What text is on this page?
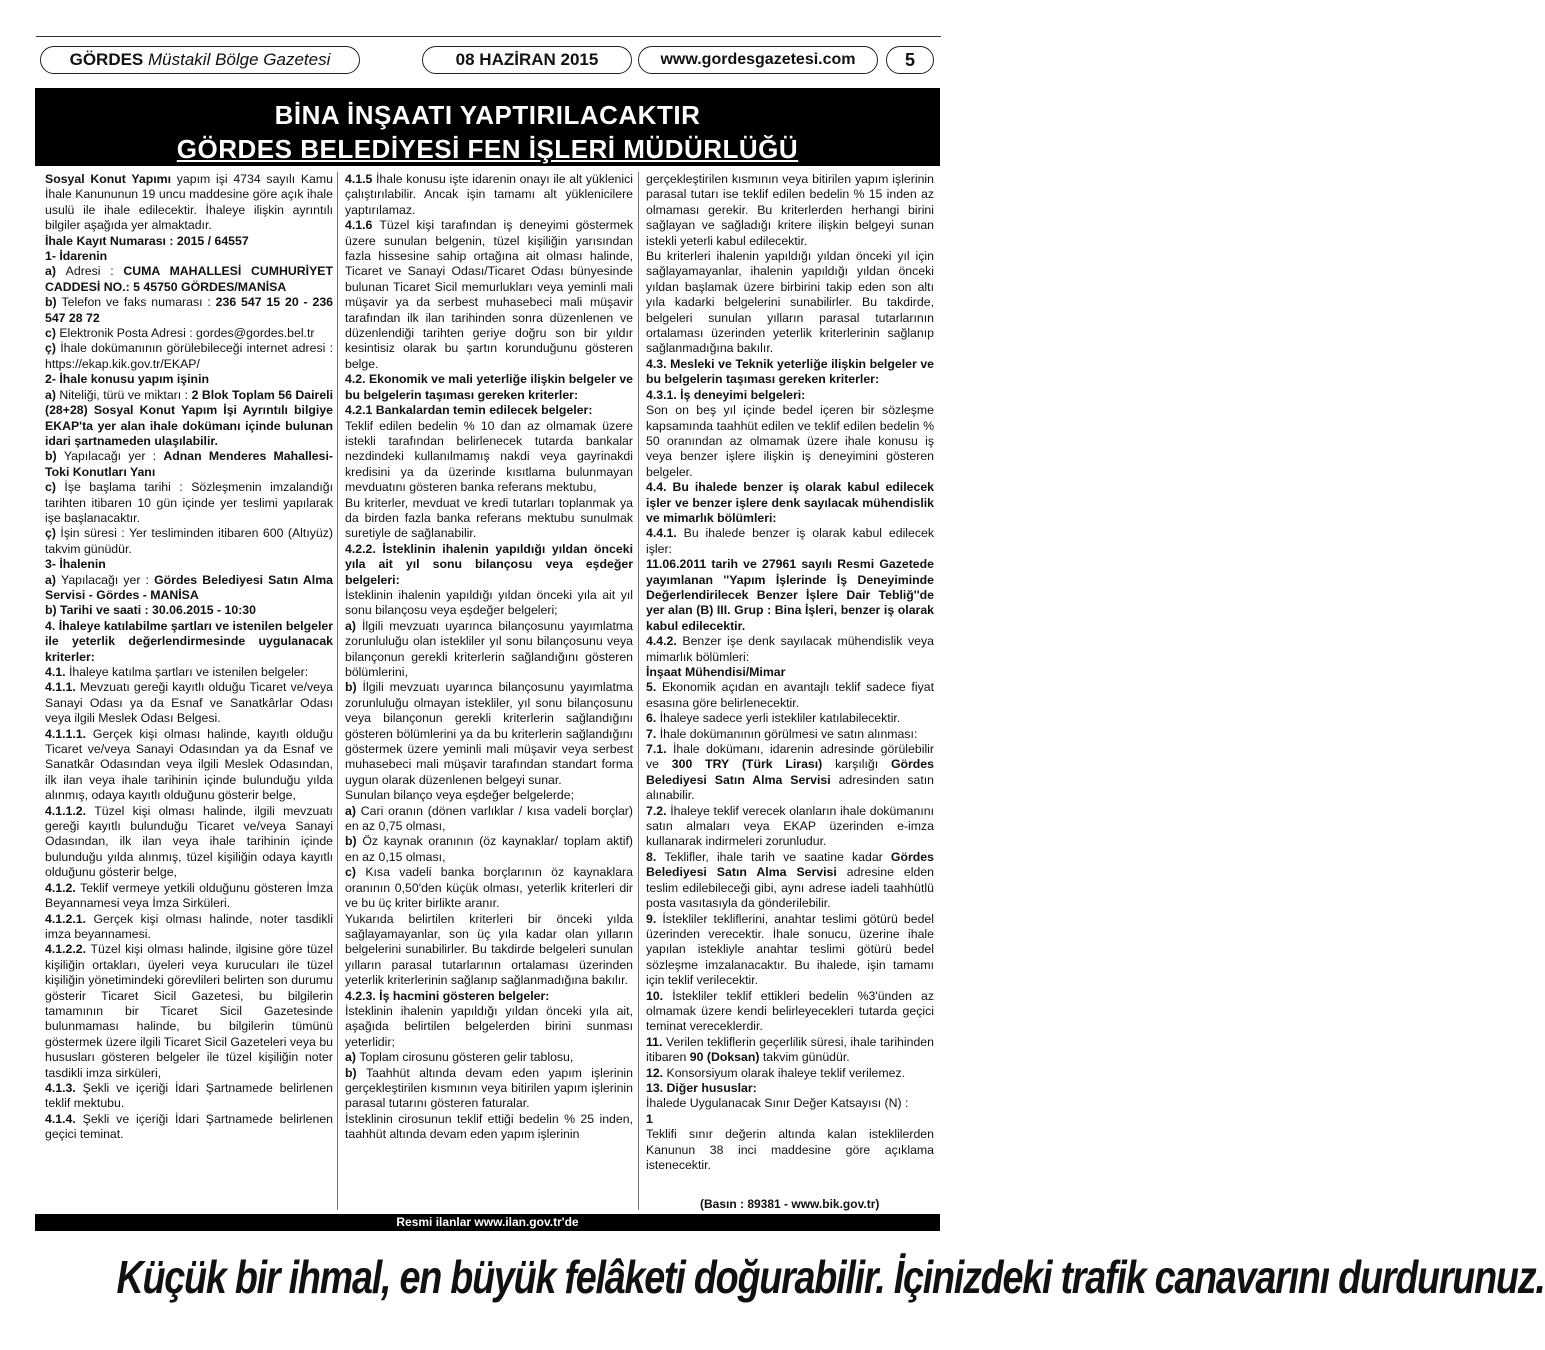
GÖRDES Müstakil Bölge Gazetesi	08 HAZİRAN 2015	www.gordesgazetesi.com	5
BİNA İNŞAATI YAPTIRILACAKTIR
GÖRDES BELEDİYESİ FEN İŞLERİ MÜDÜRLÜĞÜ

Sosyal Konut Yapımı yapım işi 4734 sayılı Kamu İhale Kanununun 19 uncu maddesine göre açık ihale usulü ile ihale edilecektir. İhaleye ilişkin ayrıntılı bilgiler aşağıda yer almaktadır.

İhale Kayıt Numarası : 2015 / 64557

1- İdarenin

a) Adresi : CUMA MAHALLESİ CUMHURİYET CADDESİ NO.: 5 45750 GÖRDES/MANİSA

b) Telefon ve faks numarası : 236 547 15 20 - 236 547 28 72

c) Elektronik Posta Adresi : gordes@gordes.bel.tr

ç) İhale dokümanının görülebileceği internet adresi : https://ekap.kik.gov.tr/EKAP/

2- İhale konusu yapım işinin

a) Niteliği, türü ve miktarı : 2 Blok Toplam 56 Daireli (28+28) Sosyal Konut Yapım İşi Ayrıntılı bilgiye EKAP'ta yer alan ihale dokümanı içinde bulunan idari şartnameden ulaşılabilir.

b) Yapılacağı yer : Adnan Menderes Mahallesi-Toki Konutları Yanı

c) İşe başlama tarihi : Sözleşmenin imzalandığı tarihten itibaren 10 gün içinde yer teslimi yapılarak işe başlanacaktır.

ç) İşin süresi : Yer tesliminden itibaren 600 (Altıyüz) takvim günüdür.

3- İhalenin

a) Yapılacağı yer : Gördes Belediyesi Satın Alma Servisi - Gördes - MANİSA

b) Tarihi ve saati : 30.06.2015 - 10:30

4. İhaleye katılabilme şartları ve istenilen belgeler ile yeterlik değerlendirmesinde uygulanacak kriterler:

4.1. İhaleye katılma şartları ve istenilen belgeler:

4.1.1. Mevzuatı gereği kayıtlı olduğu Ticaret ve/veya Sanayi Odası ya da Esnaf ve Sanatkârlar Odası veya ilgili Meslek Odası Belgesi.

4.1.1.1. Gerçek kişi olması halinde, kayıtlı olduğu Ticaret ve/veya Sanayi Odasından ya da Esnaf ve Sanatkâr Odasından veya ilgili Meslek Odasından, ilk ilan veya ihale tarihinin içinde bulunduğu yılda alınmış, odaya kayıtlı olduğunu gösterir belge,

4.1.1.2. Tüzel kişi olması halinde, ilgili mevzuatı gereği kayıtlı bulunduğu Ticaret ve/veya Sanayi Odasından, ilk ilan veya ihale tarihinin içinde bulunduğu yılda alınmış, tüzel kişiliğin odaya kayıtlı olduğunu gösterir belge,

4.1.2. Teklif vermeye yetkili olduğunu gösteren İmza Beyannamesi veya İmza Sirküleri.

4.1.2.1. Gerçek kişi olması halinde, noter tasdikli imza beyannamesi.

4.1.2.2. Tüzel kişi olması halinde, ilgisine göre tüzel kişiliğin ortakları, üyeleri veya kurucuları ile tüzel kişiliğin yönetimindeki görevlileri belirten son durumu gösterir Ticaret Sicil Gazetesi, bu bilgilerin tamamının bir Ticaret Sicil Gazetesinde bulunmaması halinde, bu bilgilerin tümünü göstermek üzere ilgili Ticaret Sicil Gazeteleri veya bu hususları gösteren belgeler ile tüzel kişiliğin noter tasdikli imza sirküleri,

4.1.3. Şekli ve içeriği İdari Şartnamede belirlenen teklif mektubu.

4.1.4. Şekli ve içeriği İdari Şartnamede belirlenen geçici teminat.

4.1.5 İhale konusu işte idarenin onayı ile alt yüklenici çalıştırılabilir. Ancak işin tamamı alt yüklenicilere yaptırılamaz.

4.1.6 Tüzel kişi tarafından iş deneyimi göstermek üzere sunulan belgenin, tüzel kişiliğin yarısından fazla hissesine sahip ortağına ait olması halinde, Ticaret ve Sanayi Odası/Ticaret Odası bünyesinde bulunan Ticaret Sicil memurlukları veya yeminli mali müşavir ya da serbest muhasebeci mali müşavir tarafından ilk ilan tarihinden sonra düzenlenen ve düzenlendiği tarihten geriye doğru son bir yıldır kesintisiz olarak bu şartın korunduğunu gösteren belge.

4.2. Ekonomik ve mali yeterliğe ilişkin belgeler ve bu belgelerin taşıması gereken kriterler:

4.2.1 Bankalardan temin edilecek belgeler:

Teklif edilen bedelin % 10 dan az olmamak üzere istekli tarafından belirlenecek tutarda bankalar nezdindeki kullanılmamış nakdi veya gayrinakdi kredisini ya da üzerinde kısıtlama bulunmayan mevduatını gösteren banka referans mektubu,

Bu kriterler, mevduat ve kredi tutarları toplanmak ya da birden fazla banka referans mektubu sunulmak suretiyle de sağlanabilir.

4.2.2. İsteklinin ihalenin yapıldığı yıldan önceki yıla ait yıl sonu bilançosu veya eşdeğer belgeleri:

İsteklinin ihalenin yapıldığı yıldan önceki yıla ait yıl sonu bilançosu veya eşdeğer belgeleri;

a) İlgili mevzuatı uyarınca bilançosunu yayımlatma zorunluluğu olan istekliler yıl sonu bilançosunu veya bilançonun gerekli kriterlerin sağlandığını gösteren bölümlerini,

b) İlgili mevzuatı uyarınca bilançosunu yayımlatma zorunluluğu olmayan istekliler, yıl sonu bilançosunu veya bilançonun gerekli kriterlerin sağlandığını gösteren bölümlerini ya da bu kriterlerin sağlandığını göstermek üzere yeminli mali müşavir veya serbest muhasebeci mali müşavir tarafından standart forma uygun olarak düzenlenen belgeyi sunar.

Sunulan bilanço veya eşdeğer belgelerde;

a) Cari oranın (dönen varlıklar / kısa vadeli borçlar) en az 0,75 olması,

b) Öz kaynak oranının (öz kaynaklar/ toplam aktif) en az 0,15 olması,

c) Kısa vadeli banka borçlarının öz kaynaklara oranının 0,50'den küçük olması, yeterlik kriterleri dir ve bu üç kriter birlikte aranır.

Yukarıda belirtilen kriterleri bir önceki yılda sağlayamayanlar, son üç yıla kadar olan yılların belgelerini sunabilirler. Bu takdirde belgeleri sunulan yılların parasal tutarlarının ortalaması üzerinden yeterlik kriterlerinin sağlanıp sağlanmadığına bakılır.

4.2.3. İş hacmini gösteren belgeler:

İsteklinin ihalenin yapıldığı yıldan önceki yıla ait, aşağıda belirtilen belgelerden birini sunması yeterlidir;

a) Toplam cirosunu gösteren gelir tablosu,

b) Taahhüt altında devam eden yapım işlerinin gerçekleştirilen kısmının veya bitirilen yapım işlerinin parasal tutarını gösteren faturalar.

İsteklinin cirosunun teklif ettiği bedelin % 25 inden, taahhüt altında devam eden yapım işlerinin

gerçekleştirilen kısmının veya bitirilen yapım işlerinin parasal tutarı ise teklif edilen bedelin % 15 inden az olmaması gerekir. Bu kriterlerden herhangi birini sağlayan ve sağladığı kritere ilişkin belgeyi sunan istekli yeterli kabul edilecektir.

Bu kriterleri ihalenin yapıldığı yıldan önceki yıl için sağlayamayanlar, ihalenin yapıldığı yıldan önceki yıldan başlamak üzere birbirini takip eden son altı yıla kadarki belgelerini sunabilirler. Bu takdirde, belgeleri sunulan yılların parasal tutarlarının ortalaması üzerinden yeterlik kriterlerinin sağlanıp sağlanmadığına bakılır.

4.3. Mesleki ve Teknik yeterliğe ilişkin belgeler ve bu belgelerin taşıması gereken kriterler:

4.3.1. İş deneyimi belgeleri:

Son on beş yıl içinde bedel içeren bir sözleşme kapsamında taahhüt edilen ve teklif edilen bedelin % 50 oranından az olmamak üzere ihale konusu iş veya benzer işlere ilişkin iş deneyimini gösteren belgeler.

4.4. Bu ihalede benzer iş olarak kabul edilecek işler ve benzer işlere denk sayılacak mühendislik ve mimarlık bölümleri:

4.4.1. Bu ihalede benzer iş olarak kabul edilecek işler:

11.06.2011 tarih ve 27961 sayılı Resmi Gazetede yayımlanan ''Yapım İşlerinde İş Deneyiminde Değerlendirilecek Benzer İşlere Dair Tebliğ''de yer alan (B) III. Grup : Bina İşleri, benzer iş olarak kabul edilecektir.

4.4.2. Benzer işe denk sayılacak mühendislik veya mimarlık bölümleri:

İnşaat Mühendisi/Mimar

5. Ekonomik açıdan en avantajlı teklif sadece fiyat esasına göre belirlenecektir.

6. İhaleye sadece yerli istekliler katılabilecektir.

7. İhale dokümanının görülmesi ve satın alınması:

7.1. İhale dokümanı, idarenin adresinde görülebilir ve 300 TRY (Türk Lirası) karşılığı Gördes Belediyesi Satın Alma Servisi adresinden satın alınabilir.

7.2. İhaleye teklif verecek olanların ihale dokümanını satın almaları veya EKAP üzerinden e-imza kullanarak indirmeleri zorunludur.

8. Teklifler, ihale tarih ve saatine kadar Gördes Belediyesi Satın Alma Servisi adresine elden teslim edilebileceği gibi, aynı adrese iadeli taahhütlü posta vasıtasıyla da gönderilebilir.

9. İstekliler tekliflerini, anahtar teslimi götürü bedel üzerinden verecektir. İhale sonucu, üzerine ihale yapılan istekliyle anahtar teslimi götürü bedel sözleşme imzalanacaktır. Bu ihalede, işin tamamı için teklif verilecektir.

10. İstekliler teklif ettikleri bedelin %3'ünden az olmamak üzere kendi belirleyecekleri tutarda geçici teminat vereceklerdir.

11. Verilen tekliflerin geçerlilik süresi, ihale tarihinden itibaren 90 (Doksan) takvim günüdür.

12. Konsorsiyum olarak ihaleye teklif verilemez.

13. Diğer hususlar:

İhalede Uygulanacak Sınır Değer Katsayısı (N) :

1

Teklifi sınır değerin altında kalan isteklilerden Kanunun 38 inci maddesine göre açıklama istenecektir.

(Basın : 89381 - www.bik.gov.tr)
Resmi ilanlar www.ilan.gov.tr'de
Küçük bir ihmal, en büyük felâketi doğurabilir. İçinizdeki trafik canavarını durdurunuz.
